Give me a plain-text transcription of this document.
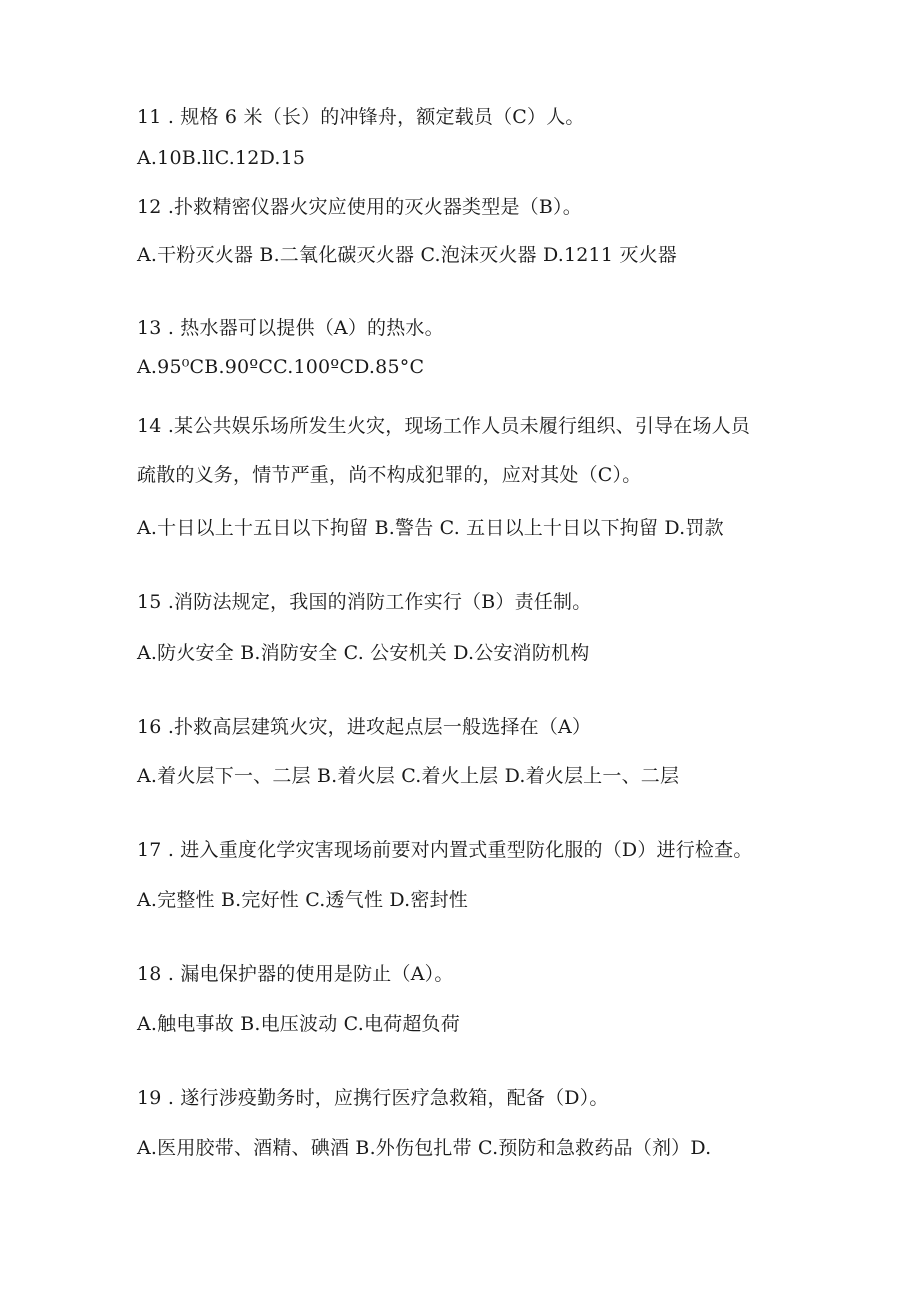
11 . 规格 6 米（长）的冲锋舟，额定载员（C）人。
A.10B.llC.12D.15
12 .扑救精密仪器火灾应使用的灭火器类型是（B）。
A.干粉灭火器 B.二氧化碳灭火器 C.泡沫灭火器 D.1211 灭火器
13 . 热水器可以提供（A）的热水。
A.95⁰CB.90ºCC.100ºCD.85°C
14 .某公共娱乐场所发生火灾，现场工作人员未履行组织、引导在场人员
疏散的义务，情节严重，尚不构成犯罪的，应对其处（C）。
A.十日以上十五日以下拘留 B.警告 C. 五日以上十日以下拘留 D.罚款
15 .消防法规定，我国的消防工作实行（B）责任制。
A.防火安全 B.消防安全 C. 公安机关 D.公安消防机构
16 .扑救高层建筑火灾，进攻起点层一般选择在（A）
A.着火层下一、二层 B.着火层 C.着火上层 D.着火层上一、二层
17 . 进入重度化学灾害现场前要对内置式重型防化服的（D）进行检查。
A.完整性 B.完好性 C.透气性 D.密封性
18 . 漏电保护器的使用是防止（A）。
A.触电事故 B.电压波动 C.电荷超负荷
19 . 遂行涉疫勤务时，应携行医疗急救箱，配备（D）。
A.医用胶带、酒精、碘酒 B.外伤包扎带 C.预防和急救药品（剂）D.
